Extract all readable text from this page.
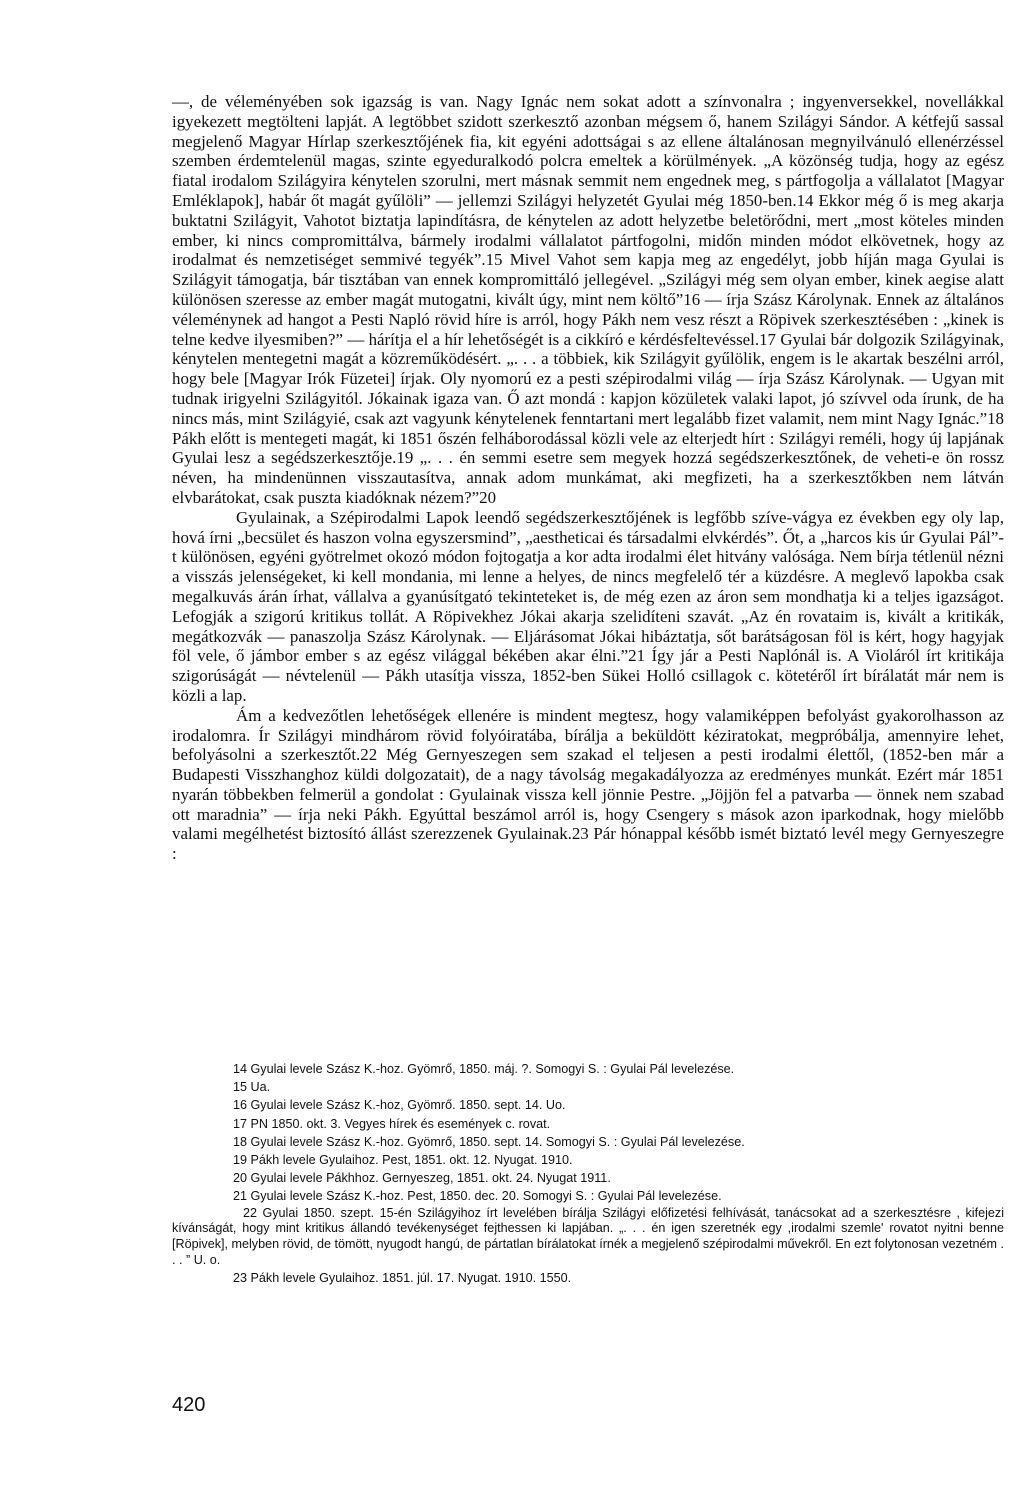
—, de véleményében sok igazság is van. Nagy Ignác nem sokat adott a színvonalra ; ingyenversekkel, novellákkal igyekezett megtölteni lapját. A legtöbbet szidott szerkesztő azonban mégsem ő, hanem Szilágyi Sándor. A kétfejű sassal megjelenő Magyar Hírlap szerkesztőjének fia, kit egyéni adottságai s az ellene általánosan megnyilvánuló ellenérzéssel szemben érdemtelenül magas, szinte egyeduralkodó polcra emeltek a körülmények. „A közönség tudja, hogy az egész fiatal irodalom Szilágyira kénytelen szorulni, mert másnak semmit nem engednek meg, s pártfogolja a vállalatot [Magyar Emléklapok], habár őt magát gyűlöli” — jellemzi Szilágyi helyzetét Gyulai még 1850-ben.14 Ekkor még ő is meg akarja buktatni Szilágyit, Vahotot biztatja lapindításra, de kénytelen az adott helyzetbe beletörődni, mert „most köteles minden ember, ki nincs compromittálva, bármely irodalmi vállalatot pártfogolni, midőn minden módot elkövetnek, hogy az irodalmat és nemzetiséget semmivé tegyék”.15 Mivel Vahot sem kapja meg az engedélyt, jobb híján maga Gyulai is Szilágyit támogatja, bár tisztában van ennek kompromittáló jellegével. „Szilágyi még sem olyan ember, kinek aegise alatt különösen szeresse az ember magát mutogatni, kivált úgy, mint nem költő”16 — írja Szász Károlynak. Ennek az általános véleménynek ad hangot a Pesti Napló rövid híre is arról, hogy Pákh nem vesz részt a Röpivek szerkesztésében : „kinek is telne kedve ilyesmiben?” — hárítja el a hír lehetőségét is a cikkíró e kérdésfeltevéssel.17 Gyulai bár dolgozik Szilágyinak, kénytelen mentegetni magát a közreműködésért. „. . . a többiek, kik Szilágyit gyűlölik, engem is le akartak beszélni arról, hogy bele [Magyar Irók Füzetei] írjak. Oly nyomorú ez a pesti szépirodalmi világ — írja Szász Károlynak. — Ugyan mit tudnak irigyelni Szilágyitól. Jókainak igaza van. Ő azt mondá : kapjon közületek valaki lapot, jó szívvel oda írunk, de ha nincs más, mint Szilágyié, csak azt vagyunk kénytelenek fenntartani mert legalább fizet valamit, nem mint Nagy Ignác.”18 Pákh előtt is mentegeti magát, ki 1851 őszén felháborodással közli vele az elterjedt hírt : Szilágyi reméli, hogy új lapjának Gyulai lesz a segédszerkesztője.19 „. . . én semmi esetre sem megyek hozzá segédszerkesztőnek, de veheti-e ön rossz néven, ha mindenünnen visszautasítva, annak adom munkámat, aki megfizeti, ha a szerkesztőkben nem látván elvbarátokat, csak puszta kiadóknak nézem?”20

Gyulainak, a Szépirodalmi Lapok leendő segédszerkesztőjének is legfőbb szíve-vágya ez években egy oly lap, hová írni „becsület és haszon volna egyszersmind”, „aestheticai és társadalmi elvkérdés”. Őt, a „harcos kis úr Gyulai Pál”-t különösen, egyéni gyötrelmet okozó módon fojtogatja a kor adta irodalmi élet hitvány valósága. Nem bírja tétlenül nézni a visszás jelenségeket, ki kell mondania, mi lenne a helyes, de nincs megfelelő tér a küzdésre. A meglevő lapokba csak megalkuvás árán írhat, vállalva a gyanúsítgató tekinteteket is, de még ezen az áron sem mondhatja ki a teljes igazságot. Lefogják a szigorú kritikus tollát. A Röpivekhez Jókai akarja szelidíteni szavát. „Az én rovataim is, kivált a kritikák, megátkozvák — panaszolja Szász Károlynak. — Eljárásomat Jókai hibáztatja, sőt barátságosan föl is kért, hogy hagyjak föl vele, ő jámbor ember s az egész világgal békében akar élni.”21 Így jár a Pesti Naplónál is. A Violáról írt kritikája szigorúságát — névtelenül — Pákh utasítja vissza, 1852-ben Sükei Holló csillagok c. kötetéről írt bírálatát már nem is közli a lap.

Ám a kedvezőtlen lehetőségek ellenére is mindent megtesz, hogy valamiképpen befolyást gyakorolhasson az irodalomra. Ír Szilágyi mindhárom rövid folyóiratába, bírálja a beküldött kéziratokat, megpróbálja, amennyire lehet, befolyásolni a szerkesztőt.22 Még Gernyeszegen sem szakad el teljesen a pesti irodalmi élettől, (1852-ben már a Budapesti Visszhanghoz küldi dolgozatait), de a nagy távolság megakadályozza az eredményes munkát. Ezért már 1851 nyarán többekben felmerül a gondolat : Gyulainak vissza kell jönnie Pestre. „Jöjjön fel a patvarba — önnek nem szabad ott maradnia” — írja neki Pákh. Egyúttal beszámol arról is, hogy Csengery s mások azon iparkodnak, hogy mielőbb valami megélhetést biztosító állást szerezzenek Gyulainak.23 Pár hónappal később ismét biztató levél megy Gernyeszegre :

14 Gyulai levele Szász K.-hoz. Gyömrő, 1850. máj. ?. Somogyi S. : Gyulai Pál levelezése.
15 Ua.
16 Gyulai levele Szász K.-hoz, Gyömrő. 1850. sept. 14. Uo.
17 PN 1850. okt. 3. Vegyes hírek és események c. rovat.
18 Gyulai levele Szász K.-hoz. Gyömrő, 1850. sept. 14. Somogyi S. : Gyulai Pál levelezése.
19 Pákh levele Gyulaihoz. Pest, 1851. okt. 12. Nyugat. 1910.
20 Gyulai levele Pákhhoz. Gernyeszeg, 1851. okt. 24. Nyugat 1911.
21 Gyulai levele Szász K.-hoz. Pest, 1850. dec. 20. Somogyi S. : Gyulai Pál levelezése.
22 Gyulai 1850. szept. 15-én Szilágyihoz írt levelében bírálja Szilágyi előfizetési felhívását, tanácsokat ad a szerkesztésre , kifejezi kívánságát, hogy mint kritikus állandó tevékenységet fejthessen ki lapjában. „. . . én igen szeretnék egy ,irodalmi szemle' rovatot nyitni benne [Röpivek], melyben rövid, de tömött, nyugodt hangú, de pártatlan bírálatokat írnék a megjelenő szépirodalmi művekről. En ezt folytonosan vezetném . . . ” U. o.
23 Pákh levele Gyulaihoz. 1851. júl. 17. Nyugat. 1910. 1550.
420
